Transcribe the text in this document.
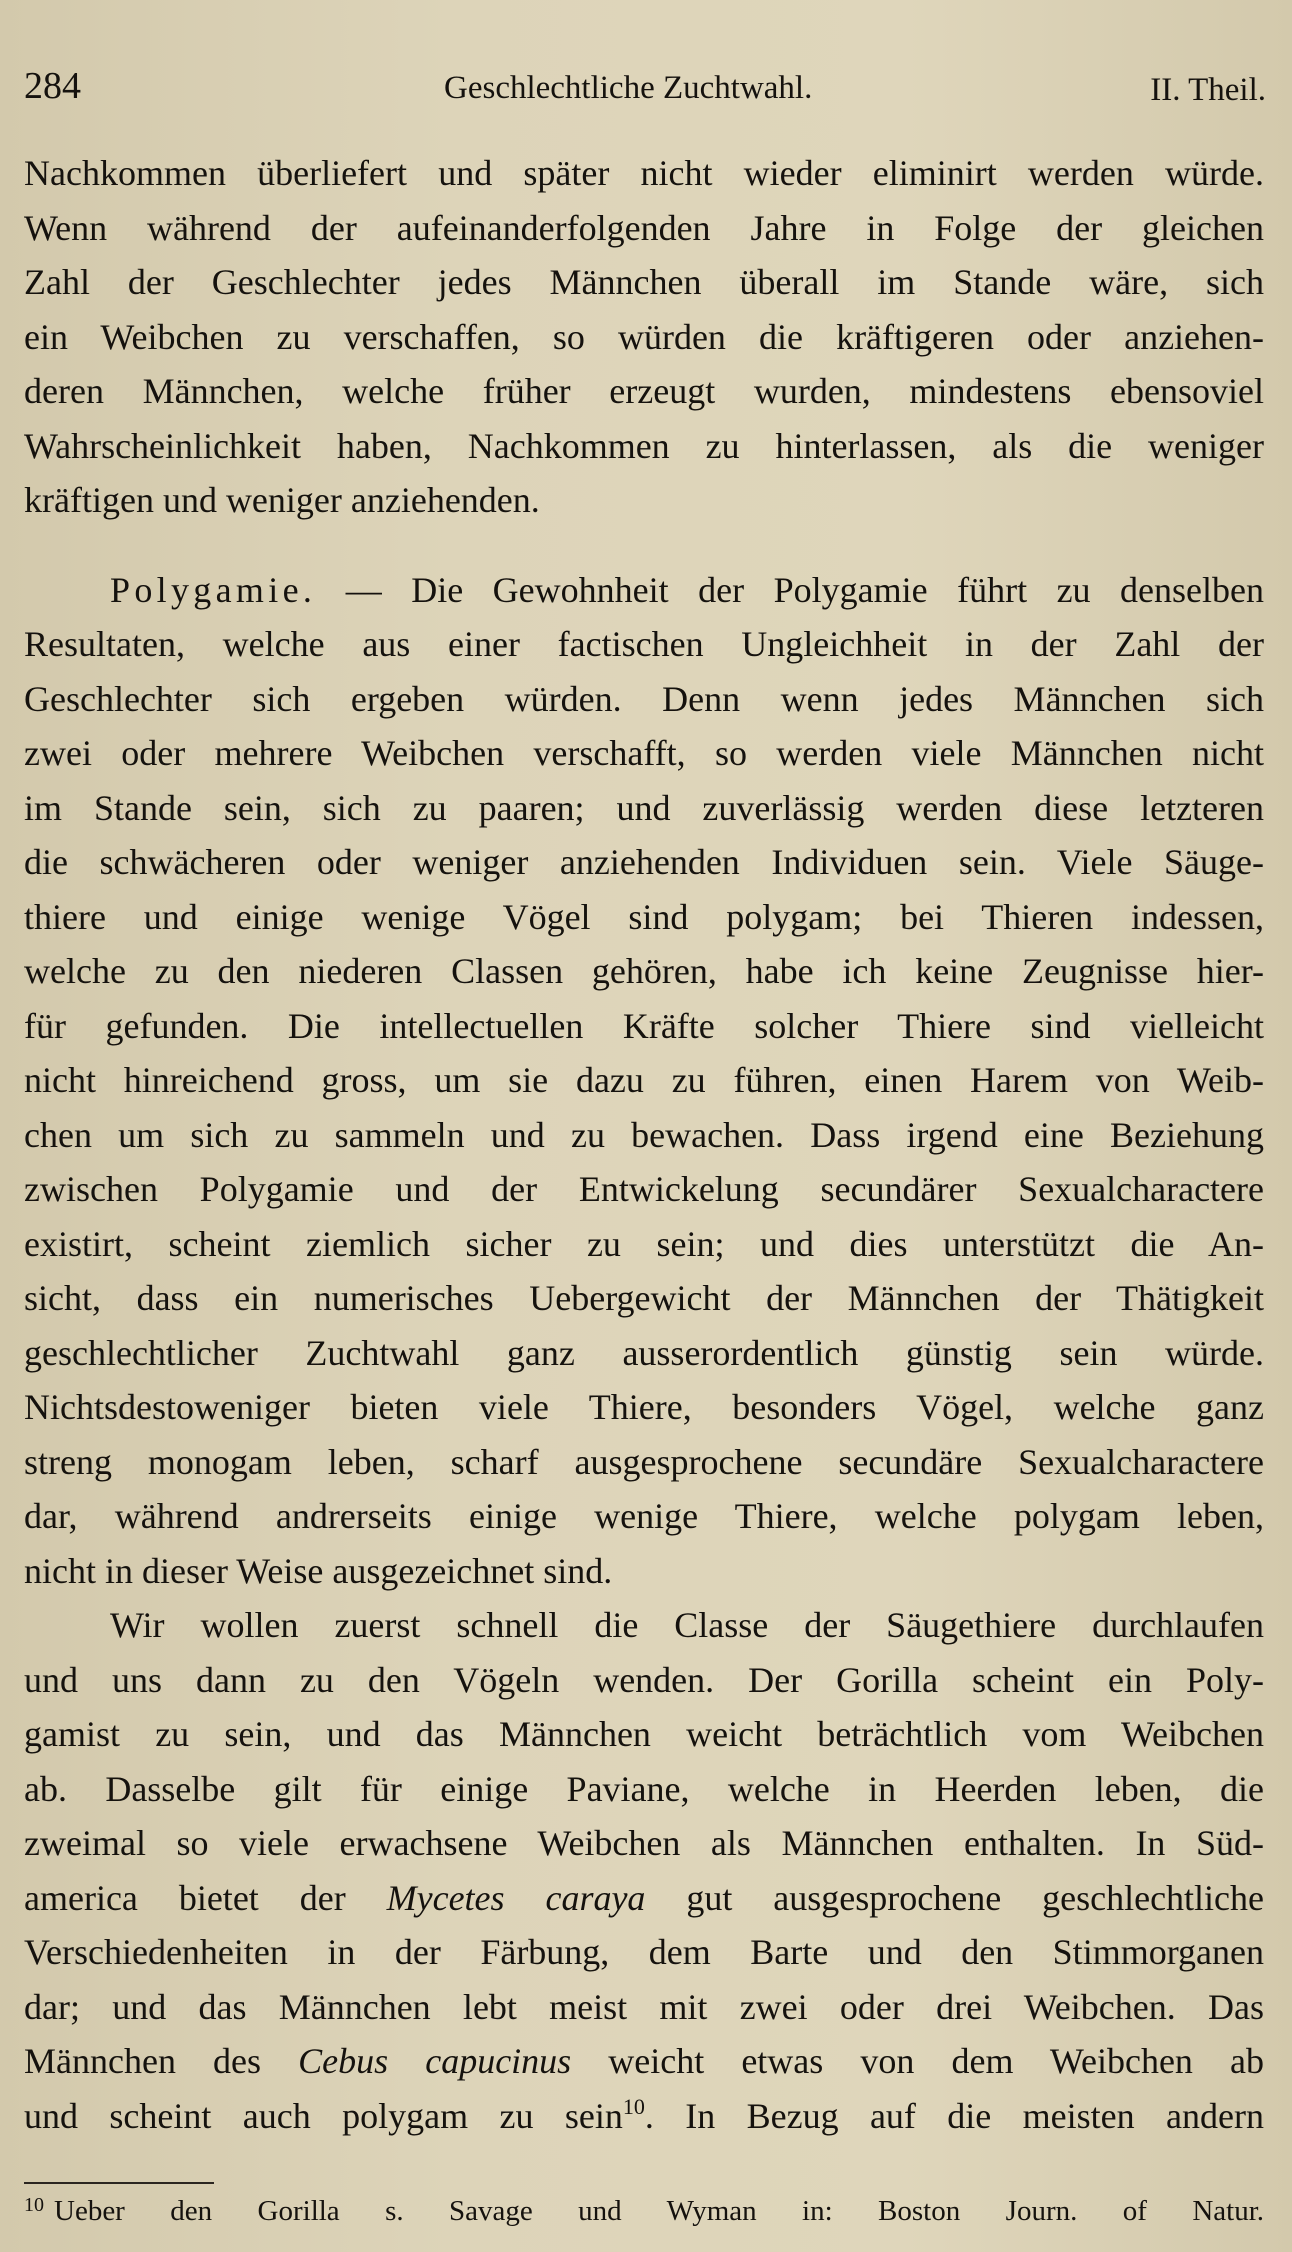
284	Geschlechtliche Zuchtwahl.	II. Theil.
Nachkommen überliefert und später nicht wieder eliminirt werden würde.
Wenn während der aufeinanderfolgenden Jahre in Folge der gleichen
Zahl der Geschlechter jedes Männchen überall im Stande wäre, sich
ein Weibchen zu verschaffen, so würden die kräftigeren oder anziehen-
deren Männchen, welche früher erzeugt wurden, mindestens ebensoviel
Wahrscheinlichkeit haben, Nachkommen zu hinterlassen, als die weniger
kräftigen und weniger anziehenden.
Polygamie. — Die Gewohnheit der Polygamie führt zu denselben
Resultaten, welche aus einer factischen Ungleichheit in der Zahl der
Geschlechter sich ergeben würden. Denn wenn jedes Männchen sich
zwei oder mehrere Weibchen verschafft, so werden viele Männchen nicht
im Stande sein, sich zu paaren; und zuverlässig werden diese letzteren
die schwächeren oder weniger anziehenden Individuen sein. Viele Säuge-
thiere und einige wenige Vögel sind polygam; bei Thieren indessen,
welche zu den niederen Classen gehören, habe ich keine Zeugnisse hier-
für gefunden. Die intellectuellen Kräfte solcher Thiere sind vielleicht
nicht hinreichend gross, um sie dazu zu führen, einen Harem von Weib-
chen um sich zu sammeln und zu bewachen. Dass irgend eine Beziehung
zwischen Polygamie und der Entwickelung secundärer Sexualcharactere
existirt, scheint ziemlich sicher zu sein; und dies unterstützt die An-
sicht, dass ein numerisches Uebergewicht der Männchen der Thätigkeit
geschlechtlicher Zuchtwahl ganz ausserordentlich günstig sein würde.
Nichtsdestoweniger bieten viele Thiere, besonders Vögel, welche ganz
streng monogam leben, scharf ausgesprochene secundäre Sexualcharactere
dar, während andrerseits einige wenige Thiere, welche polygam leben,
nicht in dieser Weise ausgezeichnet sind.
Wir wollen zuerst schnell die Classe der Säugethiere durchlaufen
und uns dann zu den Vögeln wenden. Der Gorilla scheint ein Poly-
gamist zu sein, und das Männchen weicht beträchtlich vom Weibchen
ab. Dasselbe gilt für einige Paviane, welche in Heerden leben, die
zweimal so viele erwachsene Weibchen als Männchen enthalten. In Süd-
america bietet der Mycetes caraya gut ausgesprochene geschlechtliche
Verschiedenheiten in der Färbung, dem Barte und den Stimmorganen
dar; und das Männchen lebt meist mit zwei oder drei Weibchen. Das
Männchen des Cebus capucinus weicht etwas von dem Weibchen ab
und scheint auch polygam zu sein$^{10}$. In Bezug auf die meisten andern
$^{10}$ Ueber den Gorilla s. Savage und Wyman in: Boston Journ. of Natur.
